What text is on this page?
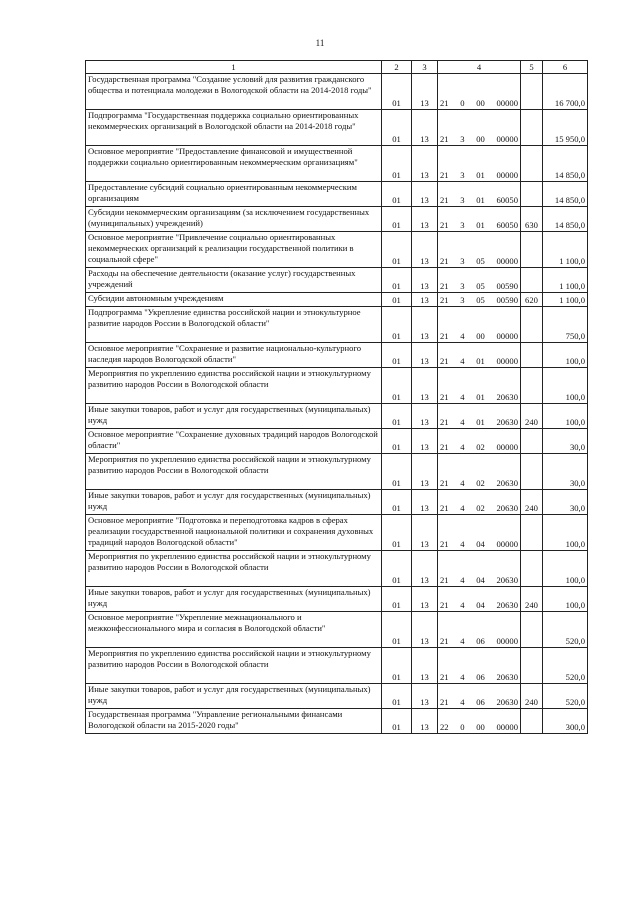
11
1	2	3	4	5	6
Государственная программа "Создание условий для развития гражданского общества и потенциала молодежи в Вологодской области на 2014-2018 годы"	01	13	21 0 00 00000		16 700,0
Подпрограмма "Государственная поддержка социально ориентированных некоммерческих организаций в Вологодской области на 2014-2018 годы"	01	13	21 3 00 00000		15 950,0
Основное мероприятие "Предоставление финансовой и имущественной поддержки социально ориентированным некоммерческим организациям"	01	13	21 3 01 00000		14 850,0
Предоставление субсидий социально ориентированным некоммерческим организациям	01	13	21 3 01 60050		14 850,0
Субсидии некоммерческим организациям (за исключением государственных (муниципальных) учреждений)	01	13	21 3 01 60050	630	14 850,0
Основное мероприятие "Привлечение социально ориентированных некоммерческих организаций к реализации государственной политики в социальной сфере"	01	13	21 3 05 00000		1 100,0
Расходы на обеспечение деятельности (оказание услуг) государственных учреждений	01	13	21 3 05 00590		1 100,0
Субсидии автономным учреждениям	01	13	21 3 05 00590	620	1 100,0
Подпрограмма "Укрепление единства российской нации и этнокультурное развитие народов России в Вологодской области"	01	13	21 4 00 00000		750,0
Основное мероприятие "Сохранение и развитие национально-культурного наследия народов Вологодской области"	01	13	21 4 01 00000		100,0
Мероприятия по укреплению единства российской нации и этнокультурному развитию народов России в Вологодской области	01	13	21 4 01 20630		100,0
Иные закупки товаров, работ и услуг для государственных (муниципальных) нужд	01	13	21 4 01 20630	240	100,0
Основное мероприятие "Сохранение духовных традиций народов Вологодской области"	01	13	21 4 02 00000		30,0
Мероприятия по укреплению единства российской нации и этнокультурному развитию народов России в Вологодской области	01	13	21 4 02 20630		30,0
Иные закупки товаров, работ и услуг для государственных (муниципальных) нужд	01	13	21 4 02 20630	240	30,0
Основное мероприятие "Подготовка и переподготовка кадров в сферах реализации государственной национальной политики и сохранения духовных традиций народов Вологодской области"	01	13	21 4 04 00000		100,0
Мероприятия по укреплению единства российской нации и этнокультурному развитию народов России в Вологодской области	01	13	21 4 04 20630		100,0
Иные закупки товаров, работ и услуг для государственных (муниципальных) нужд	01	13	21 4 04 20630	240	100,0
Основное мероприятие "Укрепление межнационального и межконфессионального мира и согласия в Вологодской области"	01	13	21 4 06 00000		520,0
Мероприятия по укреплению единства российской нации и этнокультурному развитию народов России в Вологодской области	01	13	21 4 06 20630		520,0
Иные закупки товаров, работ и услуг для государственных (муниципальных) нужд	01	13	21 4 06 20630	240	520,0
Государственная программа "Управление региональными финансами Вологодской области на 2015-2020 годы"	01	13	22 0 00 00000		300,0
